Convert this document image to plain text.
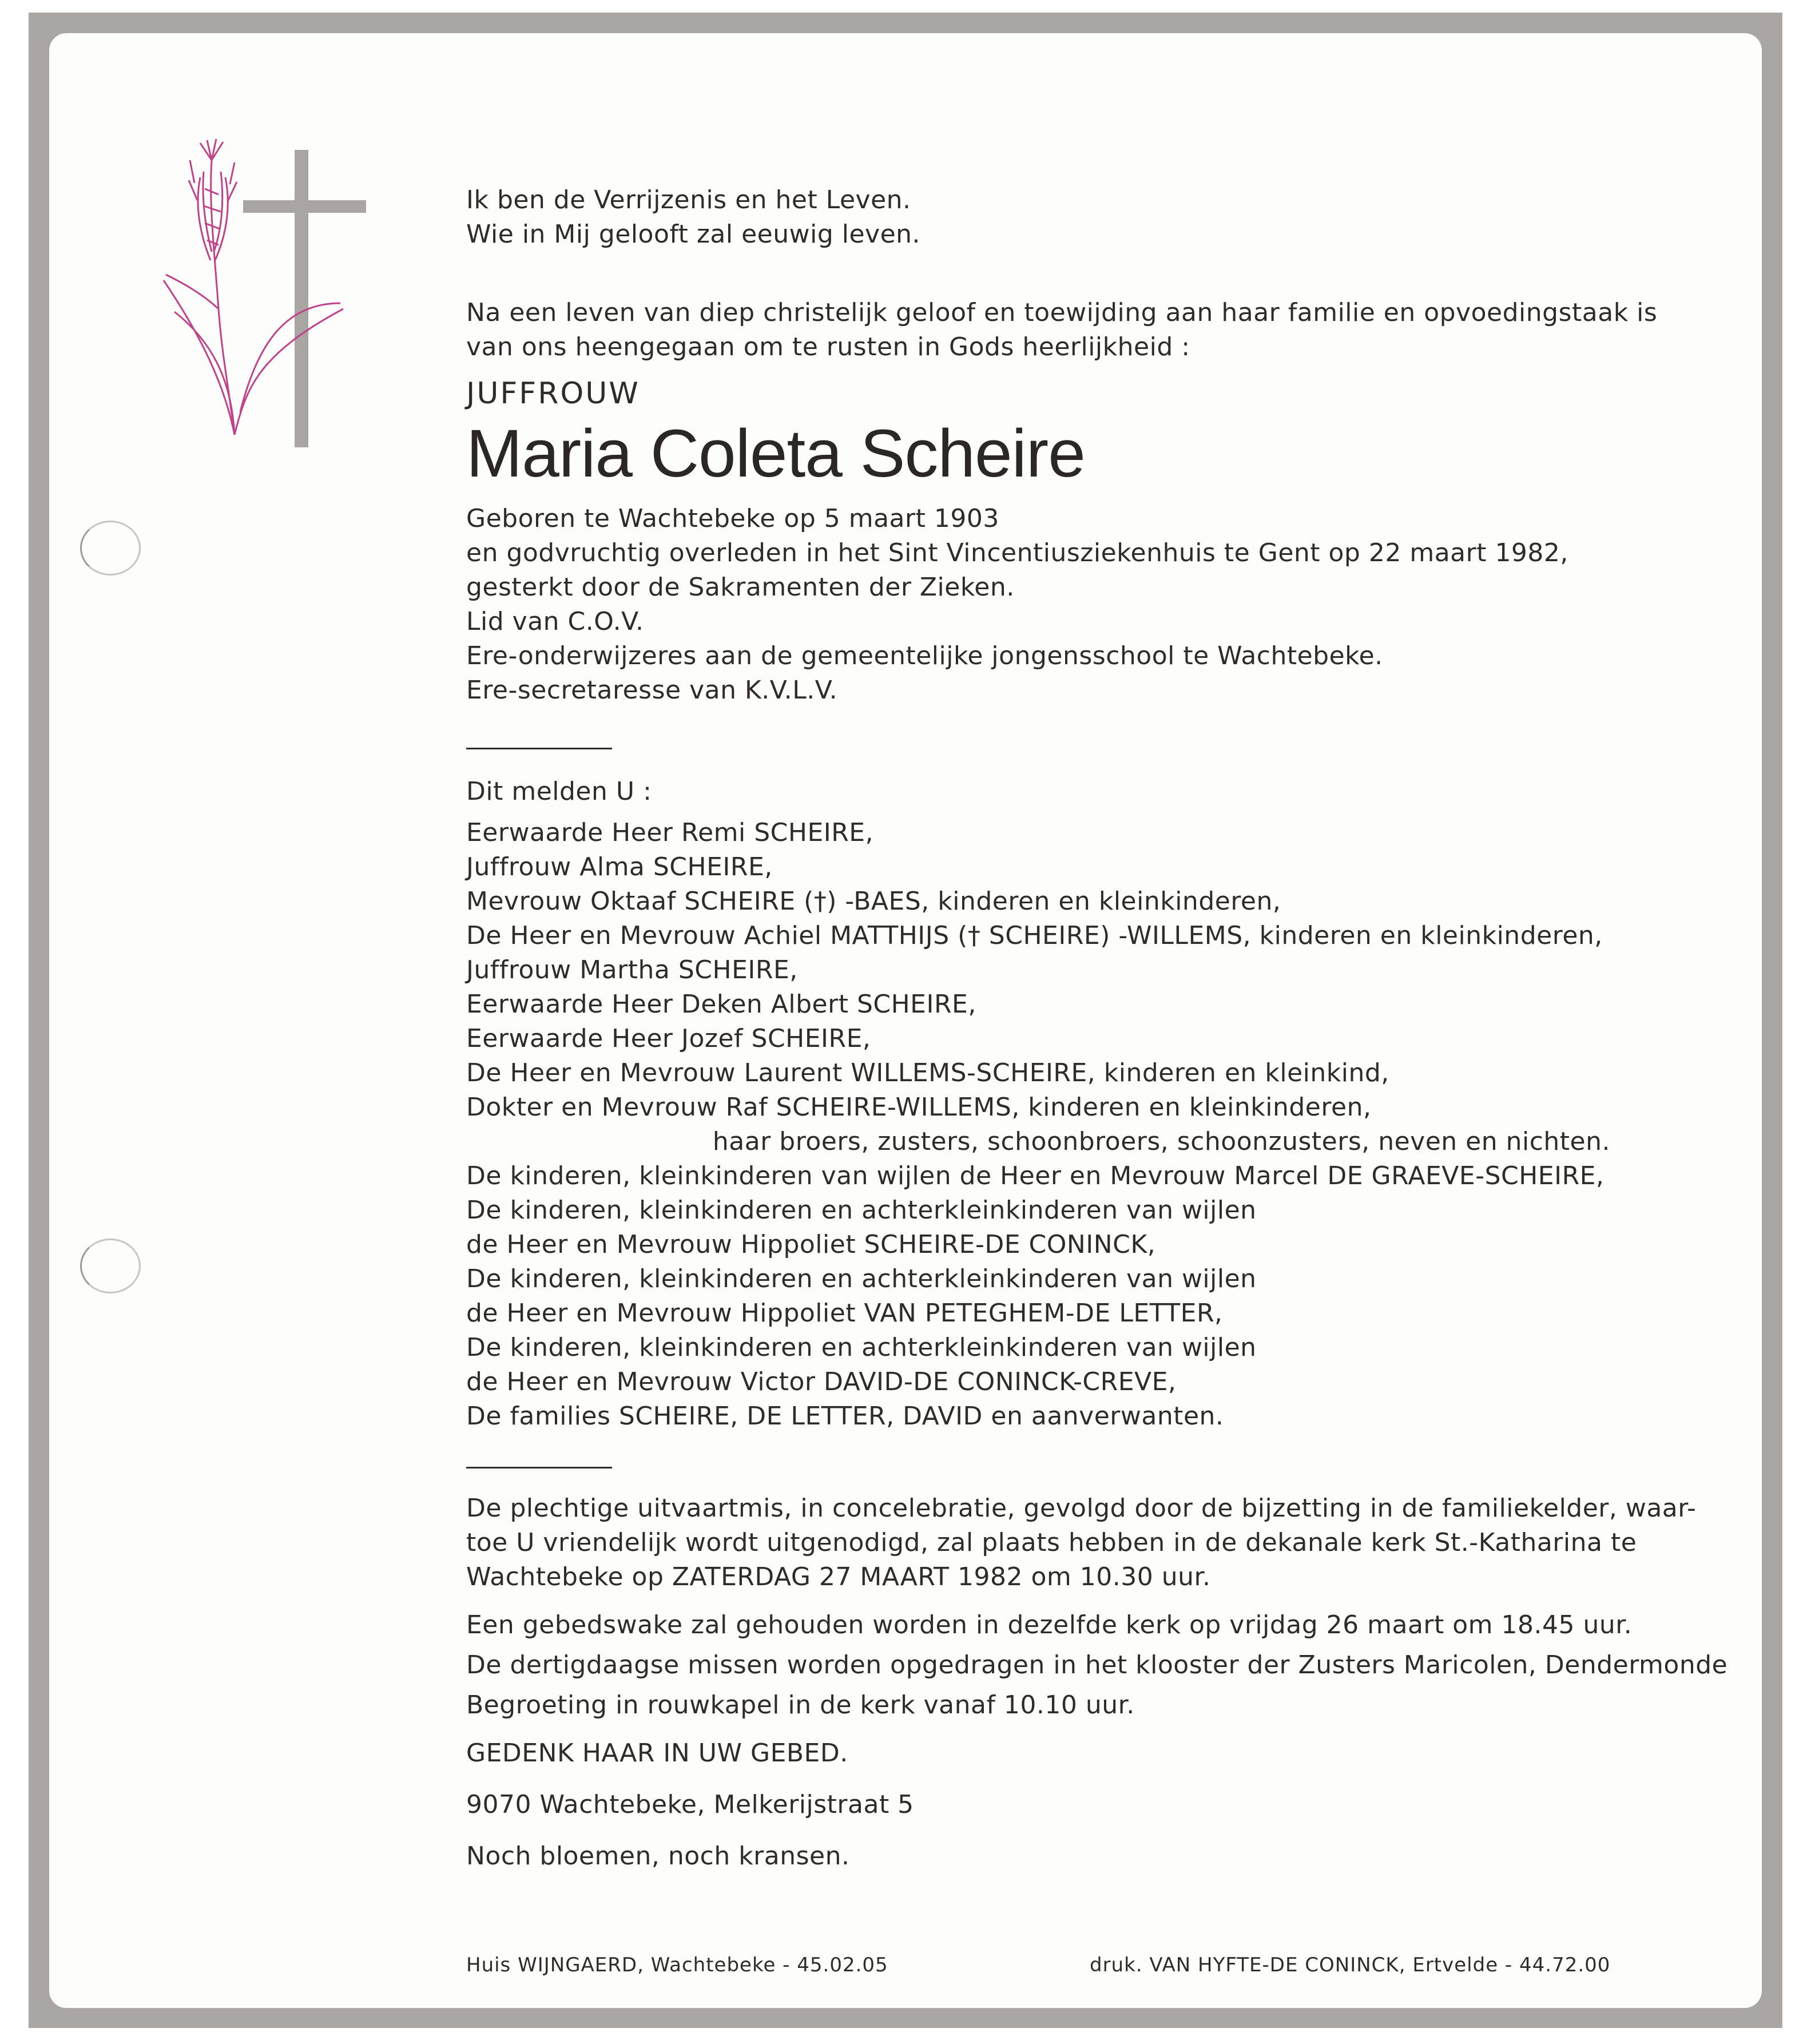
Ik ben de Verrijzenis en het Leven.
Wie in Mij gelooft zal eeuwig leven.
Na een leven van diep christelijk geloof en toewijding aan haar familie en opvoedingstaak is
van ons heengegaan om te rusten in Gods heerlijkheid :
JUFFROUW
Maria Coleta Scheire
Geboren te Wachtebeke op 5 maart 1903
en godvruchtig overleden in het Sint Vincentiusziekenhuis te Gent op 22 maart 1982,
gesterkt door de Sakramenten der Zieken.
Lid van C.O.V.
Ere-onderwijzeres aan de gemeentelijke jongensschool te Wachtebeke.
Ere-secretaresse van K.V.L.V.
Dit melden U :
Eerwaarde Heer Remi SCHEIRE,
Juffrouw Alma SCHEIRE,
Mevrouw Oktaaf SCHEIRE (†) -BAES, kinderen en kleinkinderen,
De Heer en Mevrouw Achiel MATTHIJS († SCHEIRE) -WILLEMS, kinderen en kleinkinderen,
Juffrouw Martha SCHEIRE,
Eerwaarde Heer Deken Albert SCHEIRE,
Eerwaarde Heer Jozef SCHEIRE,
De Heer en Mevrouw Laurent WILLEMS-SCHEIRE, kinderen en kleinkind,
Dokter en Mevrouw Raf SCHEIRE-WILLEMS, kinderen en kleinkinderen,
haar broers, zusters, schoonbroers, schoonzusters, neven en nichten.
De kinderen, kleinkinderen van wijlen de Heer en Mevrouw Marcel DE GRAEVE-SCHEIRE,
De kinderen, kleinkinderen en achterkleinkinderen van wijlen
de Heer en Mevrouw Hippoliet SCHEIRE-DE CONINCK,
De kinderen, kleinkinderen en achterkleinkinderen van wijlen
de Heer en Mevrouw Hippoliet VAN PETEGHEM-DE LETTER,
De kinderen, kleinkinderen en achterkleinkinderen van wijlen
de Heer en Mevrouw Victor DAVID-DE CONINCK-CREVE,
De families SCHEIRE, DE LETTER, DAVID en aanverwanten.
De plechtige uitvaartmis, in concelebratie, gevolgd door de bijzetting in de familiekelder, waar-
toe U vriendelijk wordt uitgenodigd, zal plaats hebben in de dekanale kerk St.-Katharina te
Wachtebeke op ZATERDAG 27 MAART 1982 om 10.30 uur.
Een gebedswake zal gehouden worden in dezelfde kerk op vrijdag 26 maart om 18.45 uur.
De dertigdaagse missen worden opgedragen in het klooster der Zusters Maricolen, Dendermonde
Begroeting in rouwkapel in de kerk vanaf 10.10 uur.
GEDENK HAAR IN UW GEBED.
9070 Wachtebeke, Melkerijstraat 5
Noch bloemen, noch kransen.
Huis WIJNGAERD, Wachtebeke - 45.02.05	druk. VAN HYFTE-DE CONINCK, Ertvelde - 44.72.00
